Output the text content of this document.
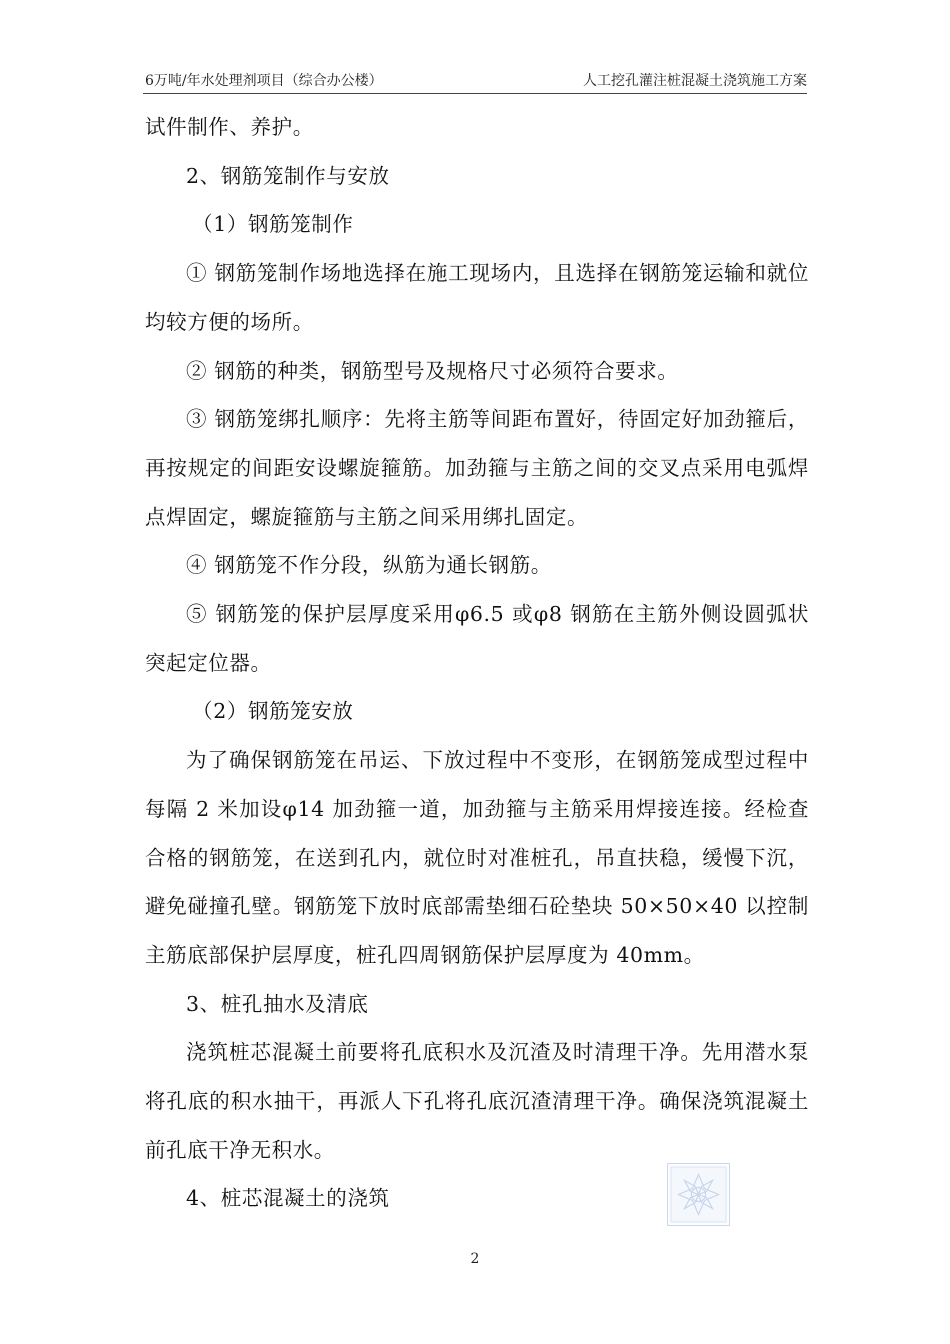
6万吨/年水处理剂项目（综合办公楼）	人工挖孔灌注桩混凝土浇筑施工方案

试件制作、养护。

2、钢筋笼制作与安放

（1）钢筋笼制作

① 钢筋笼制作场地选择在施工现场内，且选择在钢筋笼运输和就位均较方便的场所。

② 钢筋的种类，钢筋型号及规格尺寸必须符合要求。

③ 钢筋笼绑扎顺序：先将主筋等间距布置好，待固定好加劲箍后，再按规定的间距安设螺旋箍筋。加劲箍与主筋之间的交叉点采用电弧焊点焊固定，螺旋箍筋与主筋之间采用绑扎固定。

④ 钢筋笼不作分段，纵筋为通长钢筋。

⑤ 钢筋笼的保护层厚度采用φ6.5 或φ8 钢筋在主筋外侧设圆弧状突起定位器。

（2）钢筋笼安放

为了确保钢筋笼在吊运、下放过程中不变形，在钢筋笼成型过程中每隔 2 米加设φ14 加劲箍一道，加劲箍与主筋采用焊接连接。经检查合格的钢筋笼，在送到孔内，就位时对准桩孔，吊直扶稳，缓慢下沉，避免碰撞孔壁。钢筋笼下放时底部需垫细石砼垫块 50×50×40 以控制主筋底部保护层厚度，桩孔四周钢筋保护层厚度为 40mm。

3、桩孔抽水及清底

浇筑桩芯混凝土前要将孔底积水及沉渣及时清理干净。先用潜水泵将孔底的积水抽干，再派人下孔将孔底沉渣清理干净。确保浇筑混凝土前孔底干净无积水。

4、桩芯混凝土的浇筑

2
